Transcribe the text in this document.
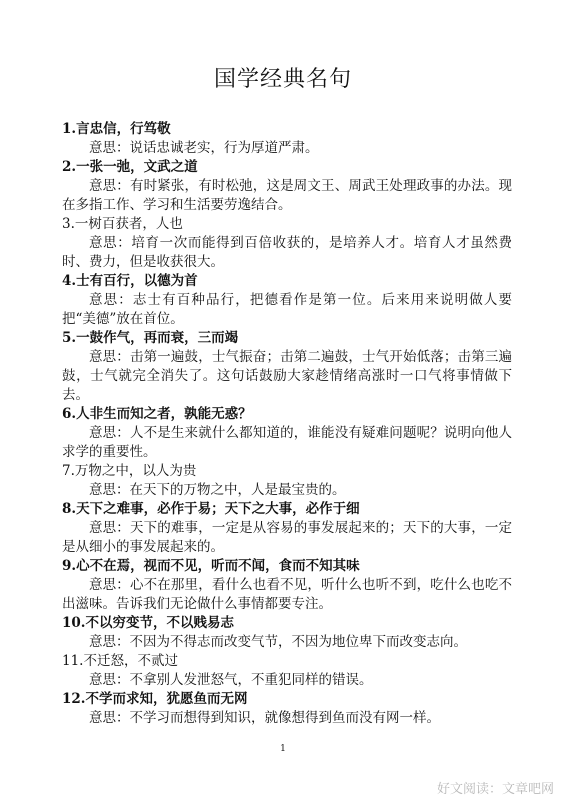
国学经典名句

1.言忠信，行笃敬

意思：说话忠诚老实，行为厚道严肃。

2.一张一弛，文武之道

意思：有时紧张，有时松弛，这是周文王、周武王处理政事的办法。现在多指工作、学习和生活要劳逸结合。

3.一树百获者，人也

意思：培育一次而能得到百倍收获的，是培养人才。培育人才虽然费时、费力，但是收获很大。

4.士有百行，以德为首

意思：志士有百种品行，把德看作是第一位。后来用来说明做人要把“美德”放在首位。

5.一鼓作气，再而衰，三而竭

意思：击第一遍鼓，士气振奋；击第二遍鼓，士气开始低落；击第三遍鼓，士气就完全消失了。这句话鼓励大家趁情绪高涨时一口气将事情做下去。

6.人非生而知之者，孰能无惑？

意思：人不是生来就什么都知道的，谁能没有疑难问题呢？说明向他人求学的重要性。

7.万物之中，以人为贵

意思：在天下的万物之中，人是最宝贵的。

8.天下之难事，必作于易；天下之大事，必作于细

意思：天下的难事，一定是从容易的事发展起来的；天下的大事，一定是从细小的事发展起来的。

9.心不在焉，视而不见，听而不闻，食而不知其味

意思：心不在那里，看什么也看不见，听什么也听不到，吃什么也吃不出滋味。告诉我们无论做什么事情都要专注。

10.不以穷变节，不以贱易志

意思：不因为不得志而改变气节，不因为地位卑下而改变志向。

11.不迁怒，不贰过

意思：不拿别人发泄怒气，不重犯同样的错误。

12.不学而求知，犹愿鱼而无网

意思：不学习而想得到知识，就像想得到鱼而没有网一样。

1
好文阅读：文章吧网
